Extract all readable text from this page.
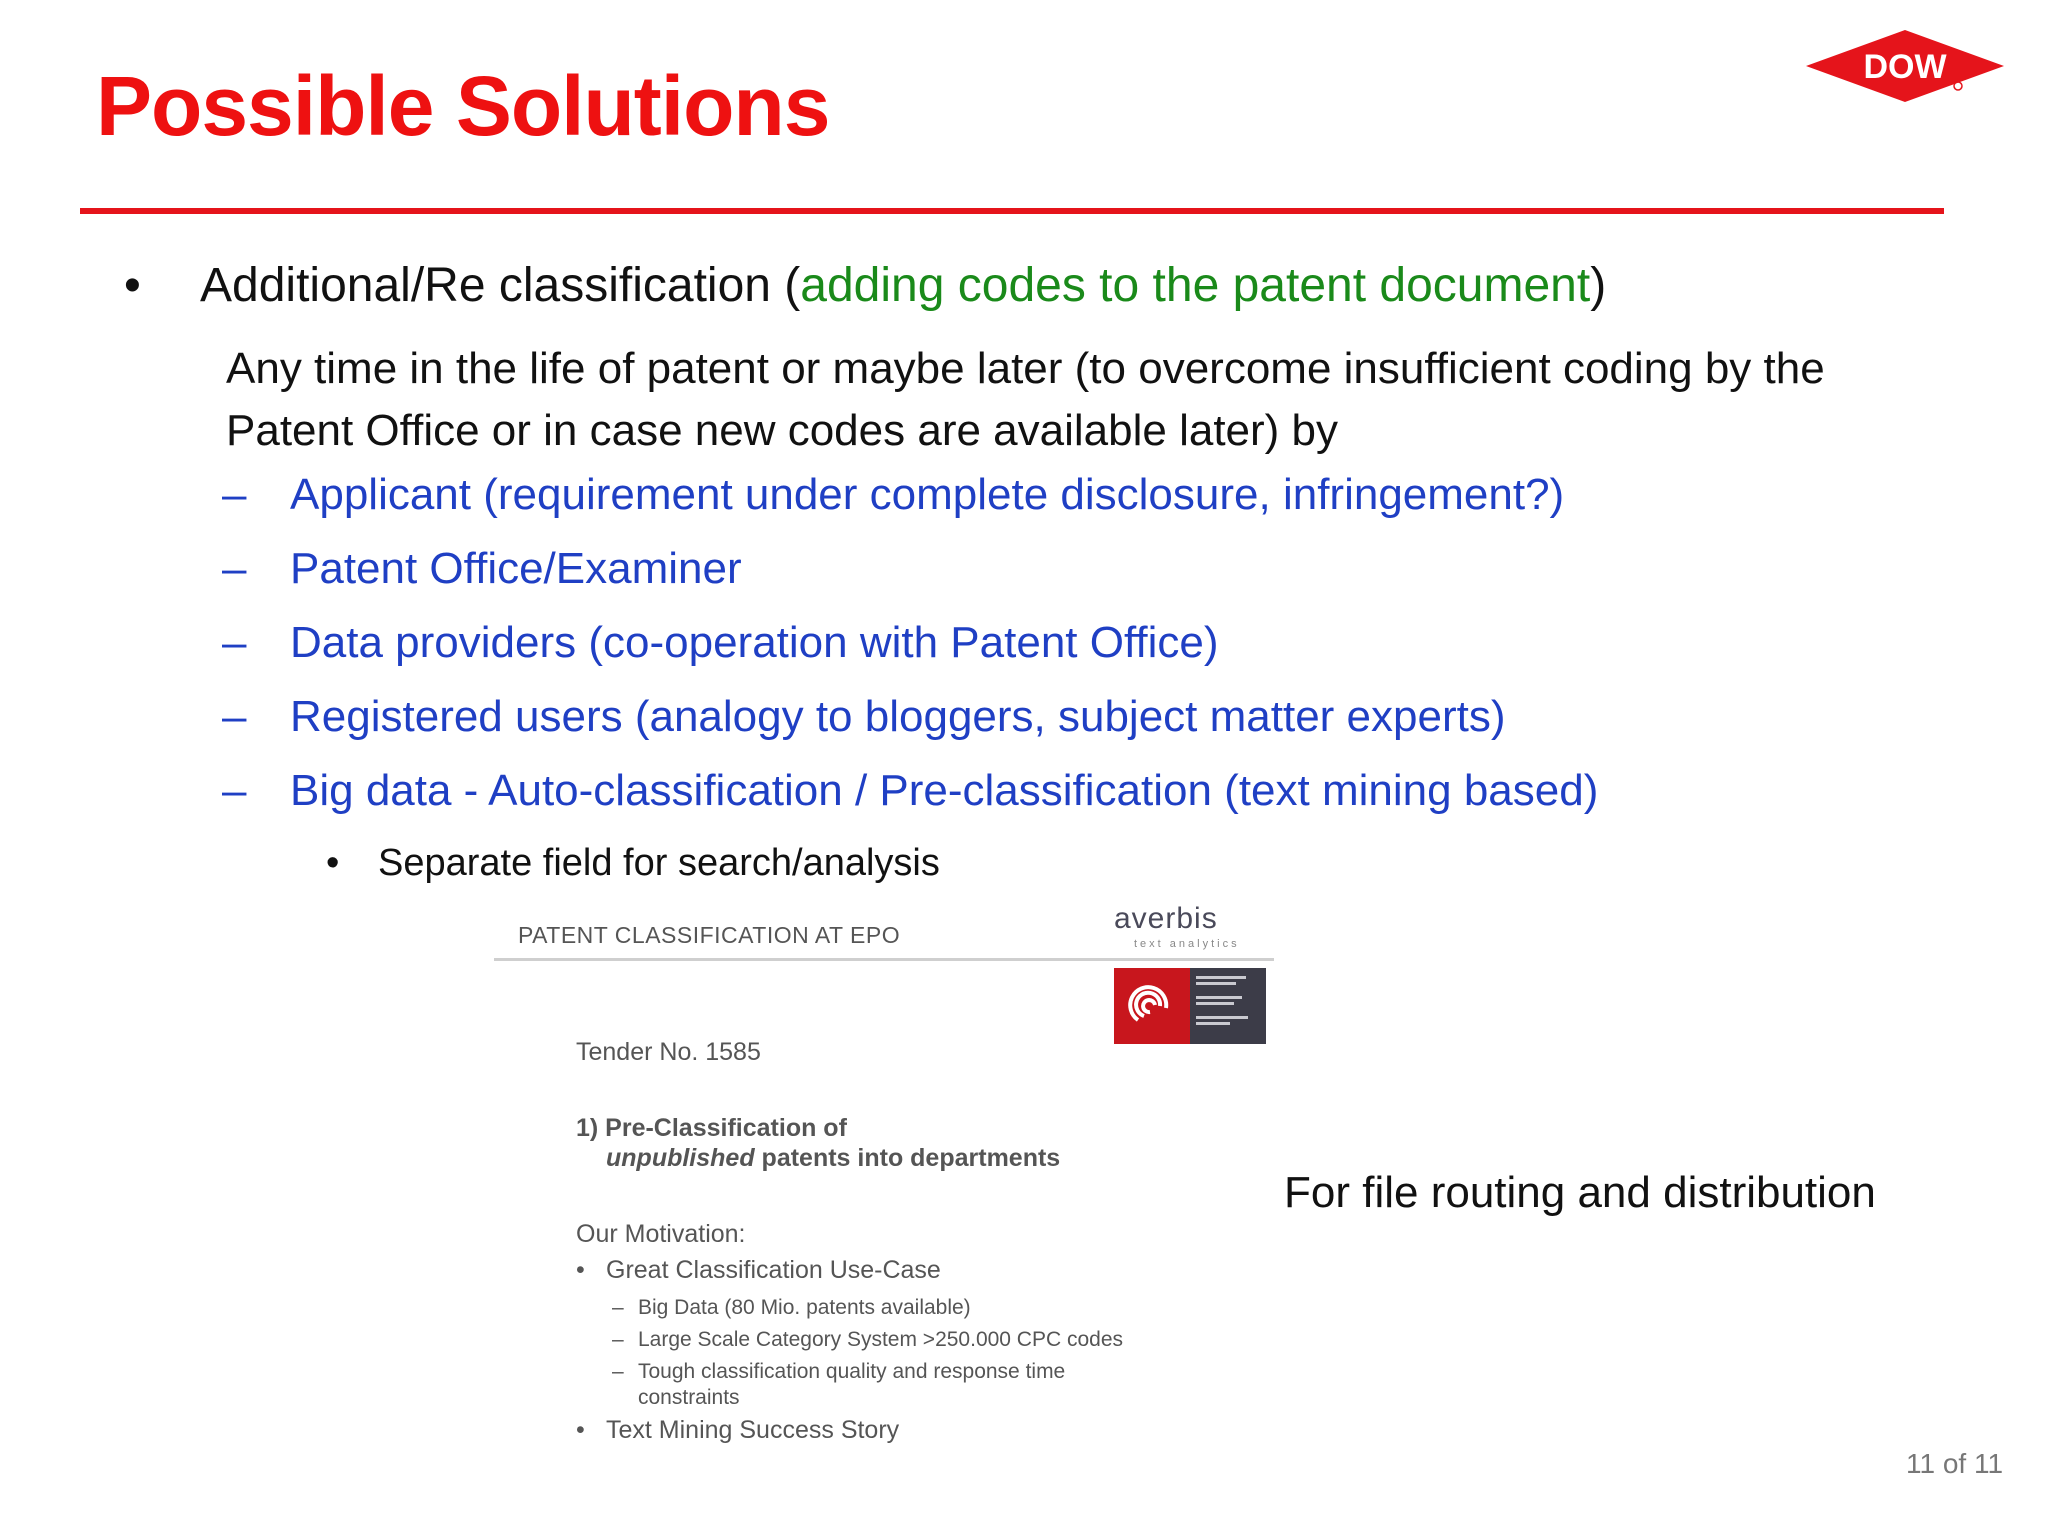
Possible Solutions	DOW
• Additional/Re classification (adding codes to the patent document)
Any time in the life of patent or maybe later (to overcome insufficient coding by the Patent Office or in case new codes are available later) by
– Applicant (requirement under complete disclosure, infringement?)
– Patent Office/Examiner
– Data providers (co-operation with Patent Office)
– Registered users (analogy to bloggers, subject matter experts)
– Big data - Auto-classification / Pre-classification (text mining based)
• Separate field for search/analysis
PATENT CLASSIFICATION AT EPO	averbis
text analytics
Tender No. 1585
1) Pre-Classification of
unpublished patents into departments
Our Motivation:
• Great Classification Use-Case
– Big Data (80 Mio. patents available)
– Large Scale Category System >250.000 CPC codes
– Tough classification quality and response time
constraints
• Text Mining Success Story
For file routing and distribution
11 of 11
